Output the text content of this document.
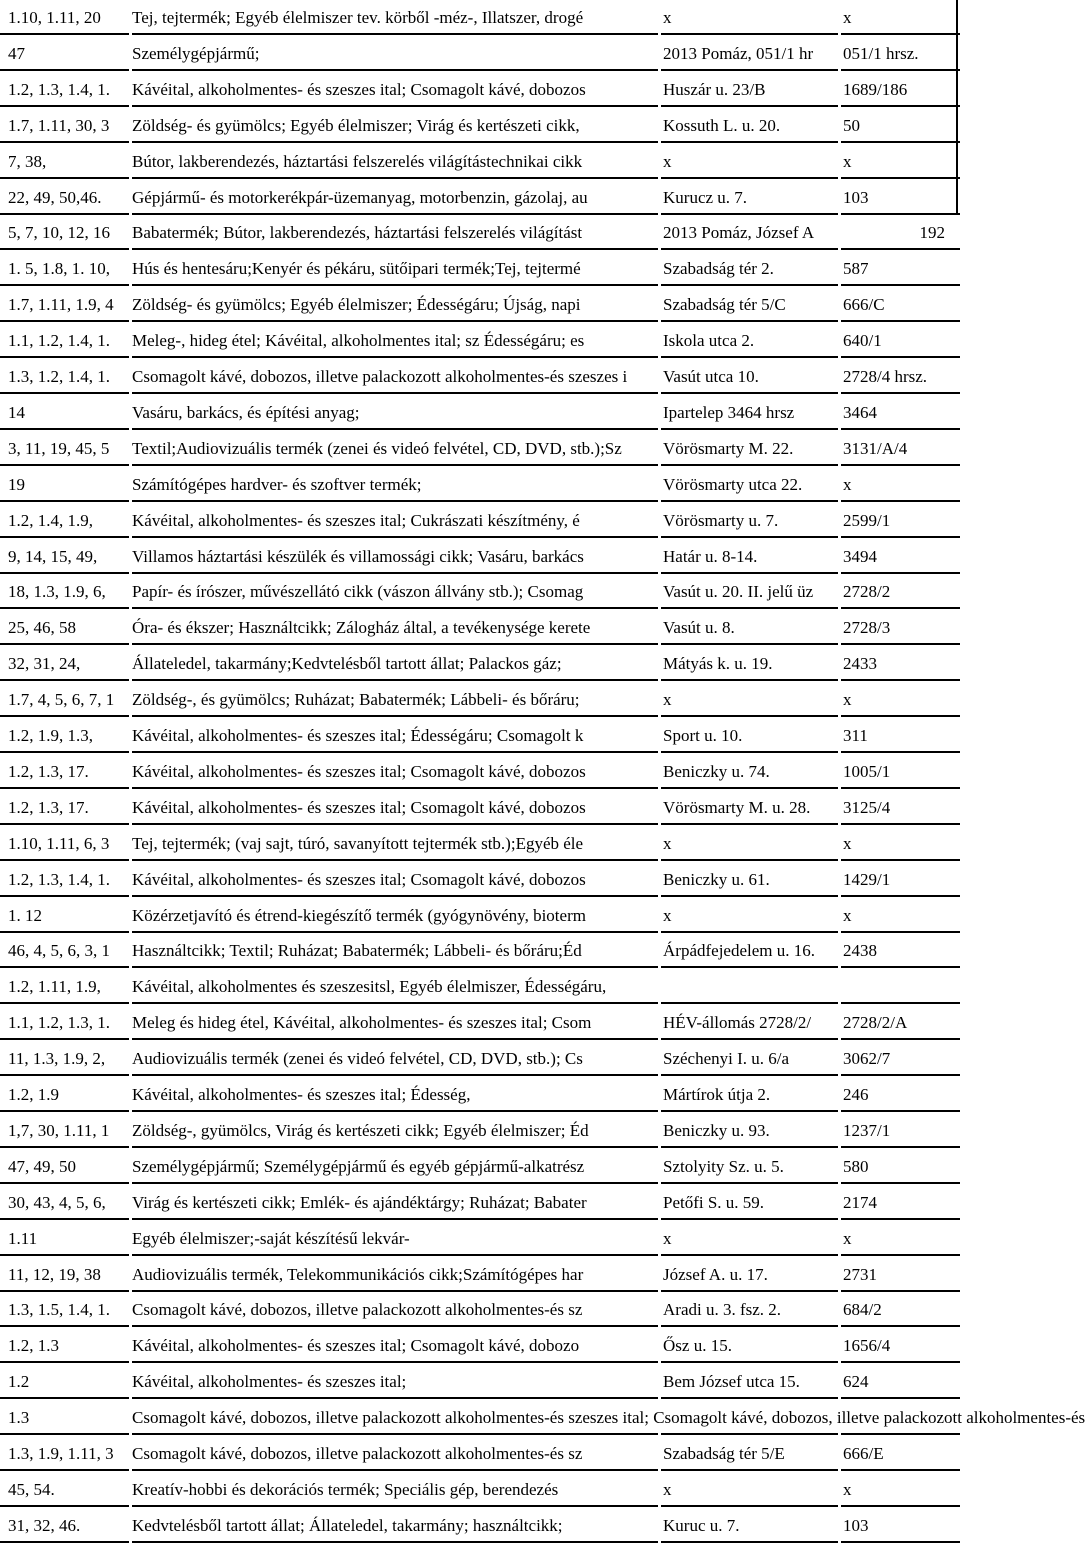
1.10, 1.11, 20	Tej, tejtermék; Egyéb élelmiszer tev. körből -méz-, Illatszer, drogé	x	x
47	Személygépjármű;	2013 Pomáz, 051/1 hr	051/1 hrsz.
1.2, 1.3, 1.4, 1.	Kávéital, alkoholmentes- és szeszes ital; Csomagolt kávé, dobozos	Huszár u. 23/B	1689/186
1.7, 1.11, 30, 3	Zöldség- és gyümölcs; Egyéb élelmiszer; Virág és kertészeti cikk,	Kossuth L. u. 20.	50
7, 38,	Bútor, lakberendezés, háztartási felszerelés világítástechnikai cikk	x	x
22, 49, 50,46.	Gépjármű- és motorkerékpár-üzemanyag, motorbenzin, gázolaj, au	Kurucz u. 7.	103
5, 7, 10, 12, 16	Babatermék; Bútor, lakberendezés, háztartási felszerelés világítást	2013 Pomáz, József A	192
1. 5, 1.8, 1. 10,	Hús és hentesáru;Kenyér és pékáru, sütőipari termék;Tej, tejtermé	Szabadság tér 2.	587
1.7, 1.11, 1.9, 4	Zöldség- és gyümölcs; Egyéb élelmiszer; Édességáru; Újság, napi	Szabadság tér 5/C	666/C
1.1, 1.2, 1.4, 1.	Meleg-, hideg étel; Kávéital, alkoholmentes ital; sz Édességáru; es	Iskola utca 2.	640/1
1.3, 1.2, 1.4, 1.	Csomagolt kávé, dobozos, illetve palackozott alkoholmentes-és szeszes i	Vasút utca 10.	2728/4 hrsz.
14	Vasáru, barkács, és építési anyag;	Ipartelep 3464 hrsz	3464
3, 11, 19, 45, 5	Textil;Audiovizuális termék (zenei és videó felvétel, CD, DVD, stb.);Sz	Vörösmarty M. 22.	3131/A/4
19	Számítógépes hardver- és szoftver termék;	Vörösmarty utca 22.	x
1.2, 1.4, 1.9,	Kávéital, alkoholmentes- és szeszes ital; Cukrászati készítmény, é	Vörösmarty u. 7.	2599/1
9, 14, 15, 49,	Villamos háztartási készülék és villamossági cikk; Vasáru, barkács	Határ u. 8-14.	3494
18, 1.3, 1.9, 6,	Papír- és írószer, művészellátó cikk (vászon állvány stb.); Csomag	Vasút u. 20. II. jelű üz	2728/2
25, 46, 58	Óra- és ékszer; Használtcikk; Zálogház által, a tevékenysége kerete	Vasút u. 8.	2728/3
32, 31, 24,	Állateledel, takarmány;Kedvtelésből tartott állat; Palackos gáz;	Mátyás k. u. 19.	2433
1.7, 4, 5, 6, 7, 1	Zöldség-, és gyümölcs; Ruházat; Babatermék; Lábbeli- és bőráru;	x	x
1.2, 1.9, 1.3,	Kávéital, alkoholmentes- és szeszes ital; Édességáru; Csomagolt k	Sport u. 10.	311
1.2, 1.3, 17.	Kávéital, alkoholmentes- és szeszes ital; Csomagolt kávé, dobozos	Beniczky u. 74.	1005/1
1.2, 1.3, 17.	Kávéital, alkoholmentes- és szeszes ital; Csomagolt kávé, dobozos	Vörösmarty M. u. 28.	3125/4
1.10, 1.11, 6, 3	Tej, tejtermék; (vaj sajt, túró, savanyított tejtermék stb.);Egyéb éle	x	x
1.2, 1.3, 1.4, 1.	Kávéital, alkoholmentes- és szeszes ital; Csomagolt kávé, dobozos	Beniczky u. 61.	1429/1
1. 12	Közérzetjavító és étrend-kiegészítő termék (gyógynövény, bioterm	x	x
46, 4, 5, 6, 3, 1	Használtcikk; Textil; Ruházat; Babatermék; Lábbeli- és bőráru;Éd	Árpádfejedelem u. 16.	2438
1.2, 1.11, 1.9,	Kávéital, alkoholmentes és szeszesitsl, Egyéb élelmiszer, Édességáru,
1.1, 1.2, 1.3, 1.	Meleg és hideg étel, Kávéital, alkoholmentes- és szeszes ital; Csom	HÉV-állomás 2728/2/	2728/2/A
11, 1.3, 1.9, 2,	Audiovizuális termék (zenei és videó felvétel, CD, DVD, stb.); Cs	Széchenyi I. u. 6/a	3062/7
1.2, 1.9	Kávéital, alkoholmentes- és szeszes ital; Édesség,	Mártírok útja 2.	246
1,7, 30, 1.11, 1	Zöldség-, gyümölcs, Virág és kertészeti cikk; Egyéb élelmiszer; Éd	Beniczky u. 93.	1237/1
47, 49, 50	Személygépjármű; Személygépjármű és egyéb gépjármű-alkatrész	Sztolyity Sz. u. 5.	580
30, 43, 4, 5, 6,	Virág és kertészeti cikk; Emlék- és ajándéktárgy; Ruházat; Babater	Petőfi S. u. 59.	2174
1.11	Egyéb élelmiszer;-saját készítésű lekvár-	x	x
11, 12, 19, 38	Audiovizuális termék, Telekommunikációs cikk;Számítógépes har	József A. u. 17.	2731
1.3, 1.5, 1.4, 1.	Csomagolt kávé, dobozos, illetve palackozott alkoholmentes-és sz	Aradi u. 3. fsz. 2.	684/2
1.2, 1.3	Kávéital, alkoholmentes- és szeszes ital; Csomagolt kávé, dobozo	Ősz u. 15.	1656/4
1.2	Kávéital, alkoholmentes- és szeszes ital;	Bem József utca 15.	624
1.3	Csomagolt kávé, dobozos, illetve palackozott alkoholmentes-és szeszes ital; Csomagolt kávé, dobozos, illetve palackozott alkoholmentes-és
1.3, 1.9, 1.11, 3	Csomagolt kávé, dobozos, illetve palackozott alkoholmentes-és sz	Szabadság tér 5/E	666/E
45, 54.	Kreatív-hobbi és dekorációs termék; Speciális gép, berendezés	x	x
31, 32, 46.	Kedvtelésből tartott állat; Állateledel, takarmány; használtcikk;	Kuruc u. 7.	103
